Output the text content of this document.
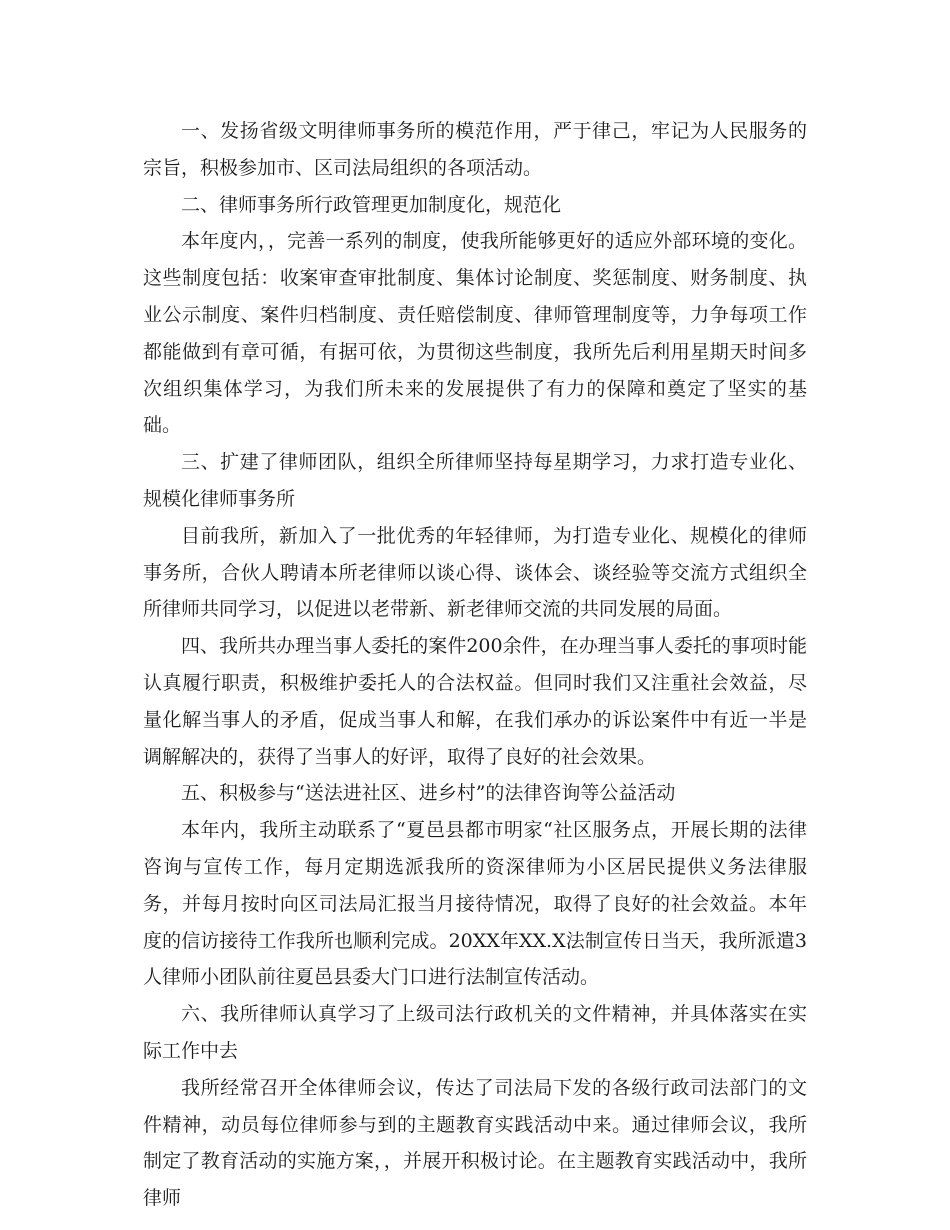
一、发扬省级文明律师事务所的模范作用，严于律己，牢记为人民服务的宗旨，积极参加市、区司法局组织的各项活动。

二、律师事务所行政管理更加制度化，规范化

本年度内，，完善一系列的制度，使我所能够更好的适应外部环境的变化。这些制度包括：收案审查审批制度、集体讨论制度、奖惩制度、财务制度、执业公示制度、案件归档制度、责任赔偿制度、律师管理制度等，力争每项工作都能做到有章可循，有据可依，为贯彻这些制度，我所先后利用星期天时间多次组织集体学习，为我们所未来的发展提供了有力的保障和奠定了坚实的基础。

三、扩建了律师团队，组织全所律师坚持每星期学习，力求打造专业化、规模化律师事务所

目前我所，新加入了一批优秀的年轻律师，为打造专业化、规模化的律师事务所，合伙人聘请本所老律师以谈心得、谈体会、谈经验等交流方式组织全所律师共同学习，以促进以老带新、新老律师交流的共同发展的局面。

四、我所共办理当事人委托的案件200余件，在办理当事人委托的事项时能认真履行职责，积极维护委托人的合法权益。但同时我们又注重社会效益，尽量化解当事人的矛盾，促成当事人和解，在我们承办的诉讼案件中有近一半是调解解决的，获得了当事人的好评，取得了良好的社会效果。

五、积极参与“送法进社区、进乡村”的法律咨询等公益活动

本年内，我所主动联系了“夏邑县都市明家“社区服务点，开展长期的法律咨询与宣传工作，每月定期选派我所的资深律师为小区居民提供义务法律服务，并每月按时向区司法局汇报当月接待情况，取得了良好的社会效益。本年度的信访接待工作我所也顺利完成。20XX年XX.X法制宣传日当天，我所派遣3人律师小团队前往夏邑县委大门口进行法制宣传活动。

六、我所律师认真学习了上级司法行政机关的文件精神，并具体落实在实际工作中去

我所经常召开全体律师会议，传达了司法局下发的各级行政司法部门的文件精神，动员每位律师参与到的主题教育实践活动中来。通过律师会议，我所制定了教育活动的实施方案，，并展开积极讨论。在主题教育实践活动中，我所律师
